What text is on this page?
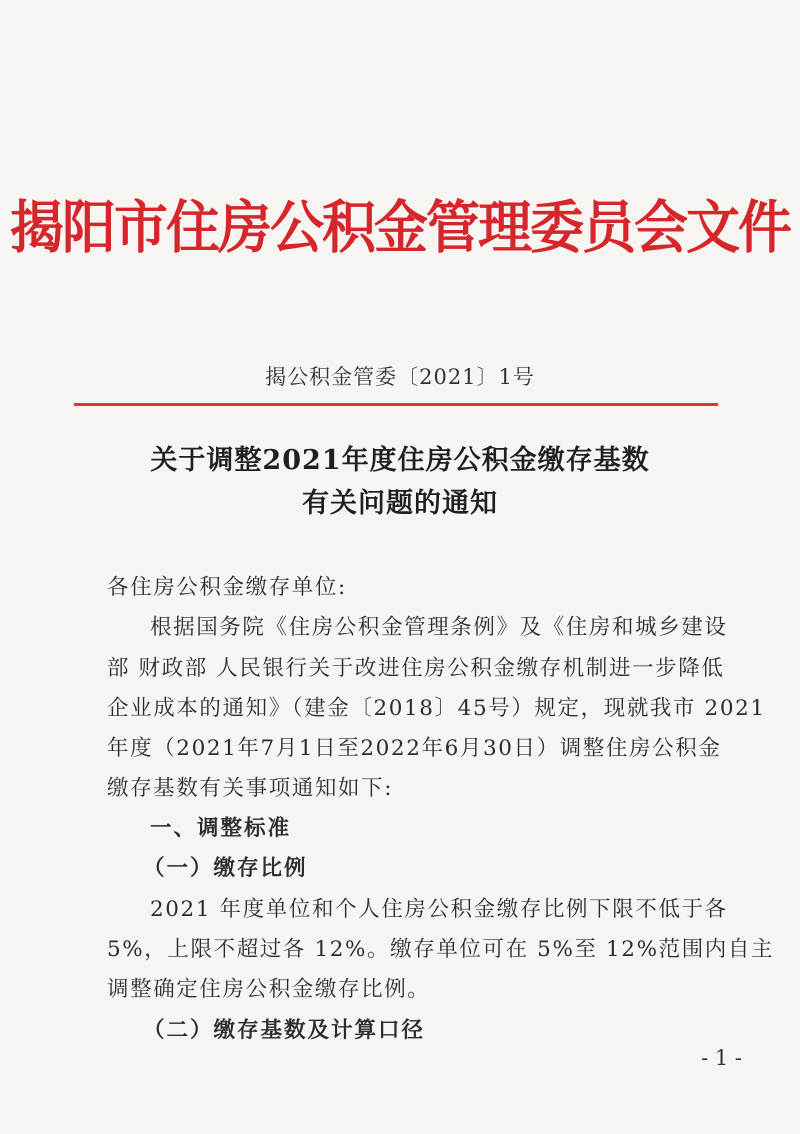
揭阳市住房公积金管理委员会文件
揭公积金管委〔2021〕1号
关于调整2021年度住房公积金缴存基数
有关问题的通知
各住房公积金缴存单位:
根据国务院《住房公积金管理条例》及《住房和城乡建设
部 财政部 人民银行关于改进住房公积金缴存机制进一步降低
企业成本的通知》（建金〔2018〕45号）规定，现就我市 2021
年度（2021年7月1日至2022年6月30日）调整住房公积金
缴存基数有关事项通知如下:
一、调整标准
（一）缴存比例
2021 年度单位和个人住房公积金缴存比例下限不低于各
5%，上限不超过各 12%。缴存单位可在 5%至 12%范围内自主
调整确定住房公积金缴存比例。
（二）缴存基数及计算口径
- 1 -
